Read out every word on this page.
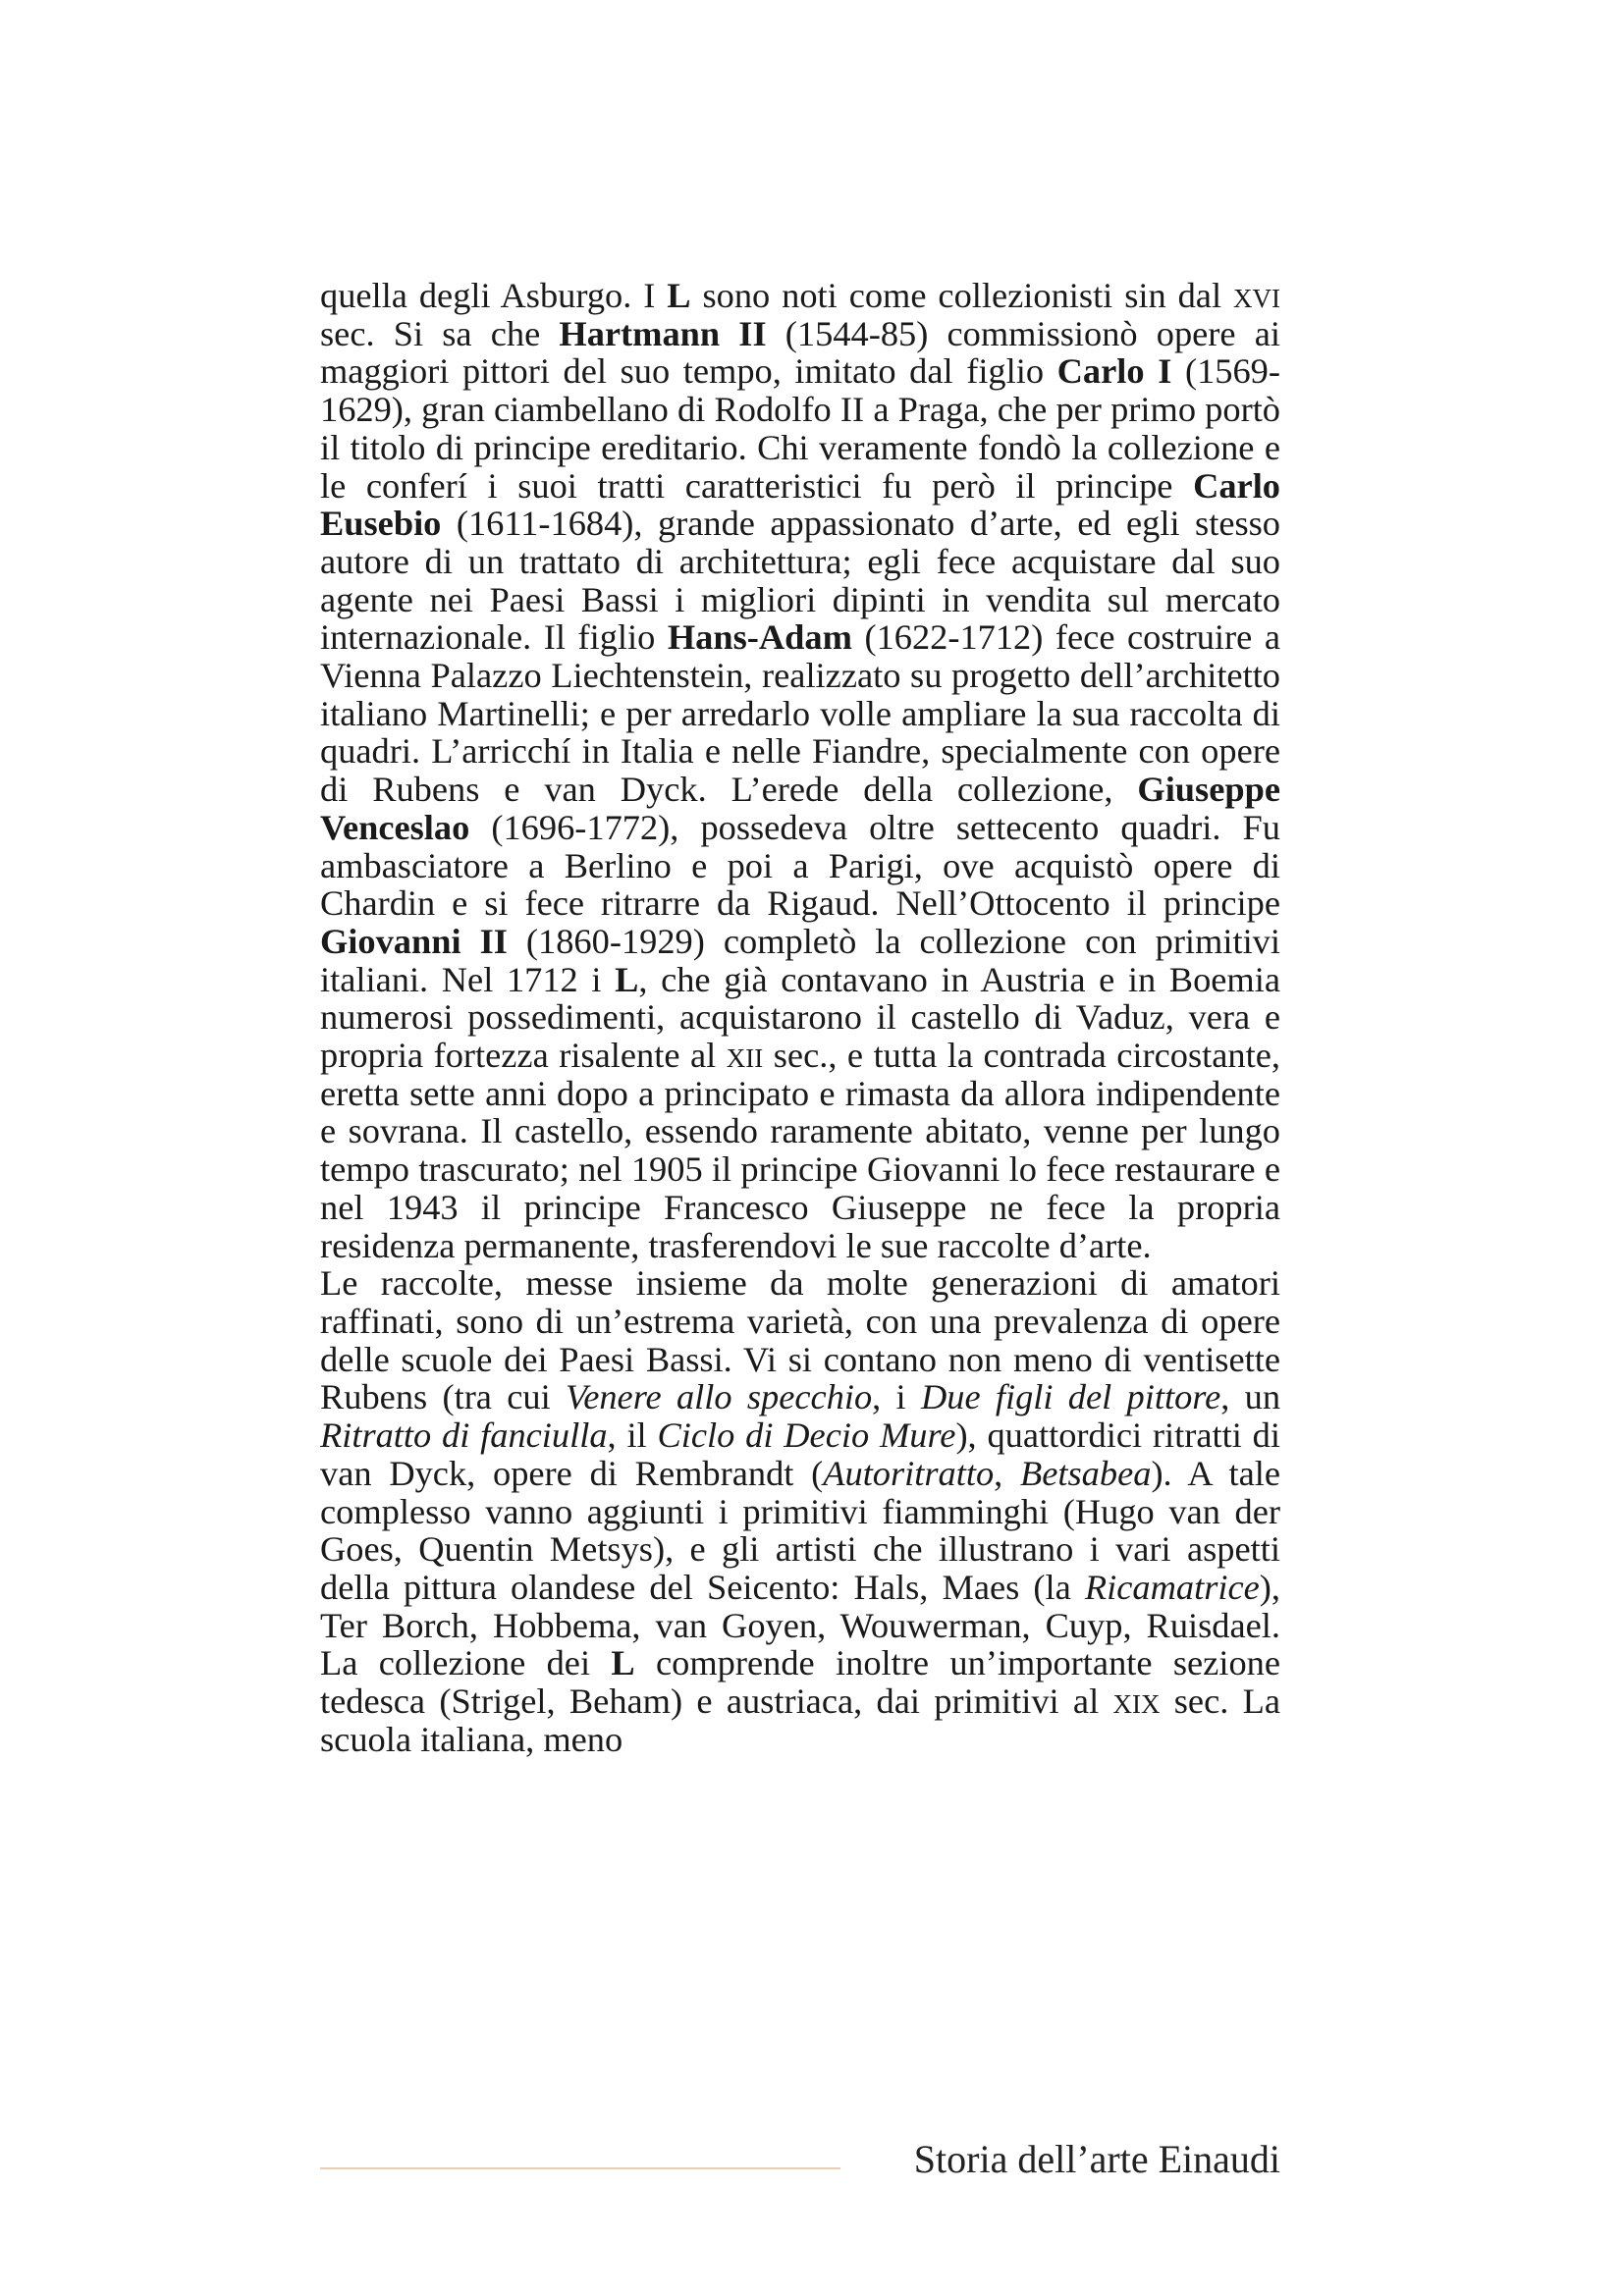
quella degli Asburgo. I L sono noti come collezionisti sin dal xvi sec. Si sa che Hartmann II (1544-85) commissionò opere ai maggiori pittori del suo tempo, imitato dal figlio Carlo I (1569-1629), gran ciambellano di Rodolfo II a Praga, che per primo portò il titolo di principe ereditario. Chi veramente fondò la collezione e le conferí i suoi tratti caratteristici fu però il principe Carlo Eusebio (1611-1684), grande appassionato d’arte, ed egli stesso autore di un trattato di architettura; egli fece acquistare dal suo agente nei Paesi Bassi i migliori dipinti in vendita sul mercato internazionale. Il figlio Hans-Adam (1622-1712) fece costruire a Vienna Palazzo Liechtenstein, realizzato su progetto dell’architetto italiano Martinelli; e per arredarlo volle ampliare la sua raccolta di quadri. L’arricchí in Italia e nelle Fiandre, specialmente con opere di Rubens e van Dyck. L’erede della collezione, Giuseppe Venceslao (1696-1772), possedeva oltre settecento quadri. Fu ambasciatore a Berlino e poi a Parigi, ove acquistò opere di Chardin e si fece ritrarre da Rigaud. Nell’Ottocento il principe Giovanni II (1860-1929) completò la collezione con primitivi italiani. Nel 1712 i L, che già contavano in Austria e in Boemia numerosi possedimenti, acquistarono il castello di Vaduz, vera e propria fortezza risalente al xii sec., e tutta la contrada circostante, eretta sette anni dopo a principato e rimasta da allora indipendente e sovrana. Il castello, essendo raramente abitato, venne per lungo tempo trascurato; nel 1905 il principe Giovanni lo fece restaurare e nel 1943 il principe Francesco Giuseppe ne fece la propria residenza permanente, trasferendovi le sue raccolte d’arte.

Le raccolte, messe insieme da molte generazioni di amatori raffinati, sono di un’estrema varietà, con una prevalenza di opere delle scuole dei Paesi Bassi. Vi si contano non meno di ventisette Rubens (tra cui Venere allo specchio, i Due figli del pittore, un Ritratto di fanciulla, il Ciclo di Decio Mure), quattordici ritratti di van Dyck, opere di Rembrandt (Autoritratto, Betsabea). A tale complesso vanno aggiunti i primitivi fiamminghi (Hugo van der Goes, Quentin Metsys), e gli artisti che illustrano i vari aspetti della pittura olandese del Seicento: Hals, Maes (la Ricamatrice), Ter Borch, Hobbema, van Goyen, Wouwerman, Cuyp, Ruisdael. La collezione dei L comprende inoltre un’importante sezione tedesca (Strigel, Beham) e austriaca, dai primitivi al xix sec. La scuola italiana, meno

Storia dell’arte Einaudi
